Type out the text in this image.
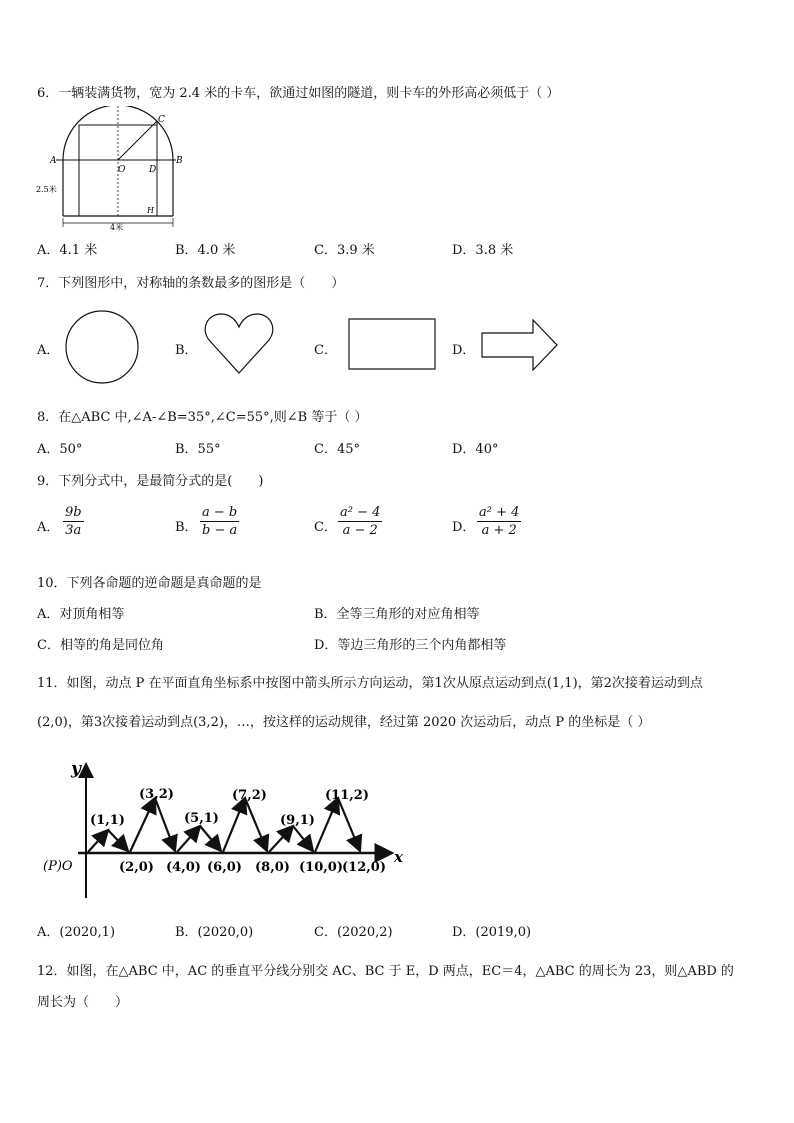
6．一辆装满货物，宽为 2.4 米的卡车，欲通过如图的隧道，则卡车的外形高必须低于（ ）
A	B
C
O	D
H
2.5米
4米
A．4.1 米	B．4.0 米	C．3.9 米	D．3.8 米
7．下列图形中，对称轴的条数最多的图形是（　　）
A．	B．	C．	D．
8．在△ABC 中,∠A-∠B=35°,∠C=55°,则∠B 等于（ ）
A．50°	B．55°	C．45°	D．40°
9．下列分式中，是最简分式的是(　　)
A． $\frac{9b}{3a}$	B． $\frac{a - b}{b - a}$	C． $\frac{\text{a² − 4}}{a - 2}$	D． $\frac{\text{a² + 4}}{a + 2}$
10．下列各命题的逆命题是真命题的是
A．对顶角相等	B．全等三角形的对应角相等
C．相等的角是同位角	D．等边三角形的三个内角都相等
11．如图，动点 P 在平面直角坐标系中按图中箭头所示方向运动，第1次从原点运动到点(1,1)，第2次接着运动到点
(2,0)，第3次接着运动到点(3,2)，…，按这样的运动规律，经过第 2020 次运动后，动点 P 的坐标是（ ）
y
x
(P)O
(1,1)
(3,2)
(5,1)
(7,2)
(9,1)
(11,2)
(2,0) (4,0) (6,0) (8,0) (10,0) (12,0)
A．(2020,1)	B．(2020,0)	C．(2020,2)	D．(2019,0)
12．如图，在△ABC 中，AC 的垂直平分线分别交 AC、BC 于 E，D 两点，EC＝4，△ABC 的周长为 23，则△ABD 的
周长为（　　）
